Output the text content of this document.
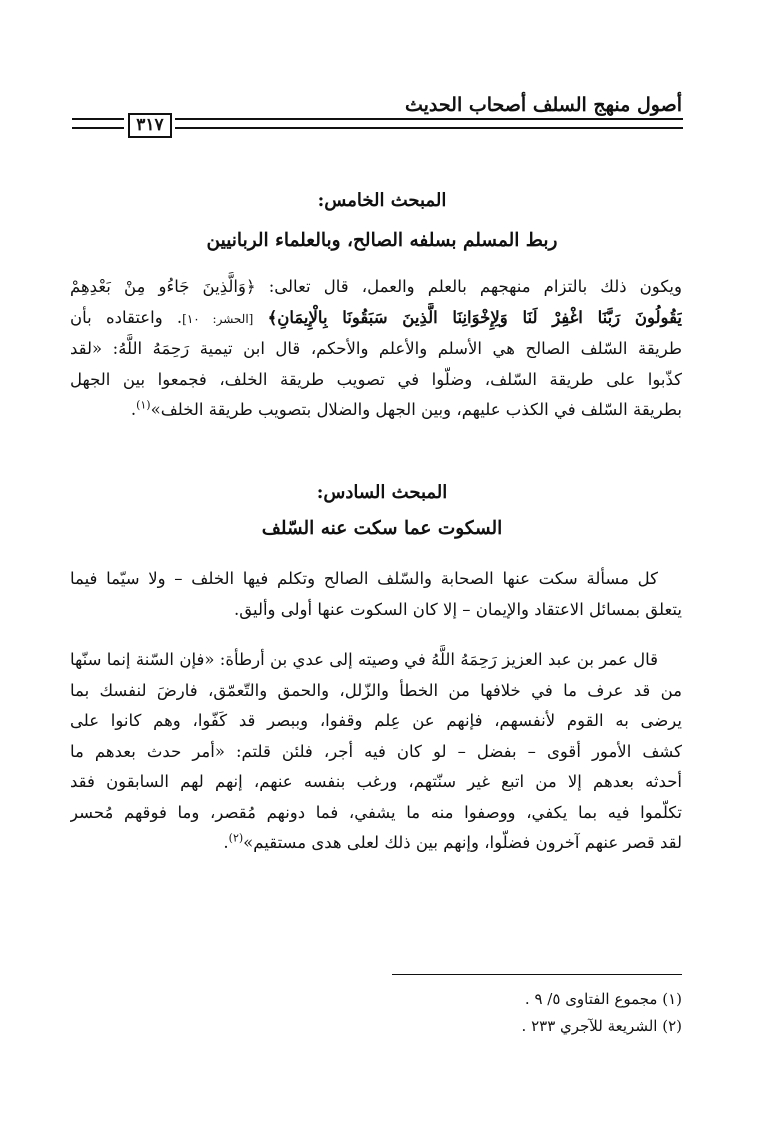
أصول منهج السلف أصحاب الحديث
٣١٧
المبحث الخامس:
ربط المسلم بسلفه الصالح، وبالعلماء الربانيين
ويكون ذلك بالتزام منهجهم بالعلم والعمل، قال تعالى: ﴿وَالَّذِينَ جَاءُو مِنْ بَعْدِهِمْ
يَقُولُونَ رَبَّنَا اغْفِرْ لَنَا وَلِإِخْوَانِنَا الَّذِينَ سَبَقُونَا بِالْإِيمَانِ﴾ [الحشر: ١٠]. واعتقاده بأن
طريقة السّلف الصالح هي الأسلم والأعلم والأحكم، قال ابن تيمية رَحِمَهُ اللَّهُ: «لقد
كذّبوا على طريقة السّلف، وضلّوا في تصويب طريقة الخلف، فجمعوا بين الجهل
بطريقة السّلف في الكذب عليهم، وبين الجهل والضلال بتصويب طريقة الخلف»$^{(١)}$.
المبحث السادس:
السكوت عما سكت عنه السّلف
كل مسألة سكت عنها الصحابة والسّلف الصالح وتكلم فيها الخلف – ولا سيّما فيما
يتعلق بمسائل الاعتقاد والإيمان – إلا كان السكوت عنها أولى وأليق.
قال عمر بن عبد العزيز رَحِمَهُ اللَّهُ في وصيته إلى عدي بن أرطأة: «فإن السّنة إنما سنّها
من قد عرف ما في خلافها من الخطأ والزّلل، والحمق والتّعمّق، فارضَ لنفسك بما
يرضى به القوم لأنفسهم، فإنهم عن عِلم وقفوا، وببصر قد كَفّوا، وهم كانوا على
كشف الأمور أقوى – بفضل – لو كان فيه أجر، فلئن قلتم: «أمر حدث بعدهم ما
أحدثه بعدهم إلا من اتبع غير سنّتهم، ورغب بنفسه عنهم، إنهم لهم السابقون فقد
تكلّموا فيه بما يكفي، ووصفوا منه ما يشفي، فما دونهم مُقصر، وما فوقهم مُحسر
لقد قصر عنهم آخرون فضلّوا، وإنهم بين ذلك لعلى هدى مستقيم»$^{(٢)}$.
(١) مجموع الفتاوى ٥/ ٩ .
(٢) الشريعة للآجري ٢٣٣ .
